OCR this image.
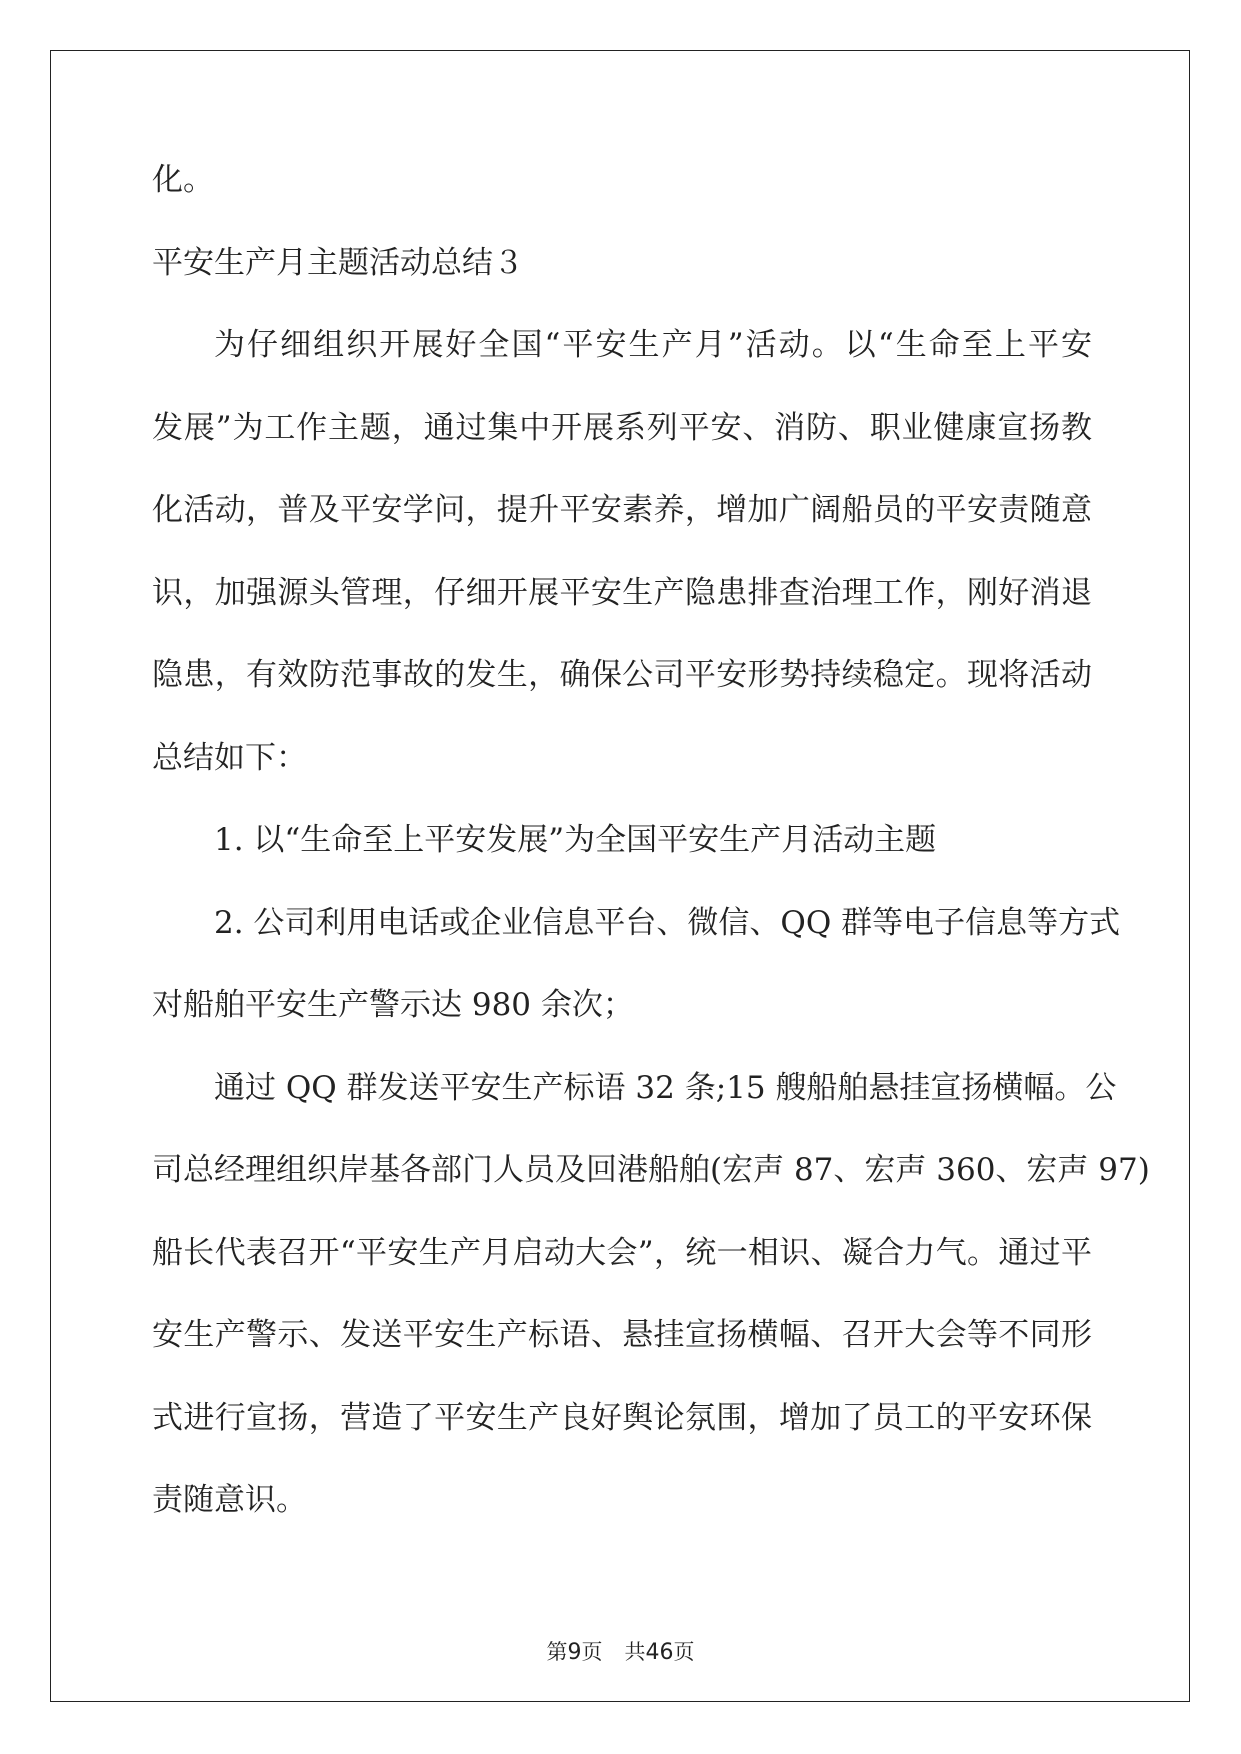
化。
平安生产月主题活动总结３
为仔细组织开展好全国“平安生产月”活动。以“生命至上平安
发展”为工作主题，通过集中开展系列平安、消防、职业健康宣扬教
化活动，普及平安学问，提升平安素养，增加广阔船员的平安责随意
识，加强源头管理，仔细开展平安生产隐患排查治理工作，刚好消退
隐患，有效防范事故的发生，确保公司平安形势持续稳定。现将活动
总结如下：
1. 以“生命至上平安发展”为全国平安生产月活动主题
2. 公司利用电话或企业信息平台、微信、QQ 群等电子信息等方式
对船舶平安生产警示达 980 余次；
通过 QQ 群发送平安生产标语 32 条;15 艘船舶悬挂宣扬横幅。公
司总经理组织岸基各部门人员及回港船舶(宏声 87、宏声 360、宏声 97)
船长代表召开“平安生产月启动大会”，统一相识、凝合力气。通过平
安生产警示、发送平安生产标语、悬挂宣扬横幅、召开大会等不同形
式进行宣扬，营造了平安生产良好舆论氛围，增加了员工的平安环保
责随意识。
第9页 共46页
